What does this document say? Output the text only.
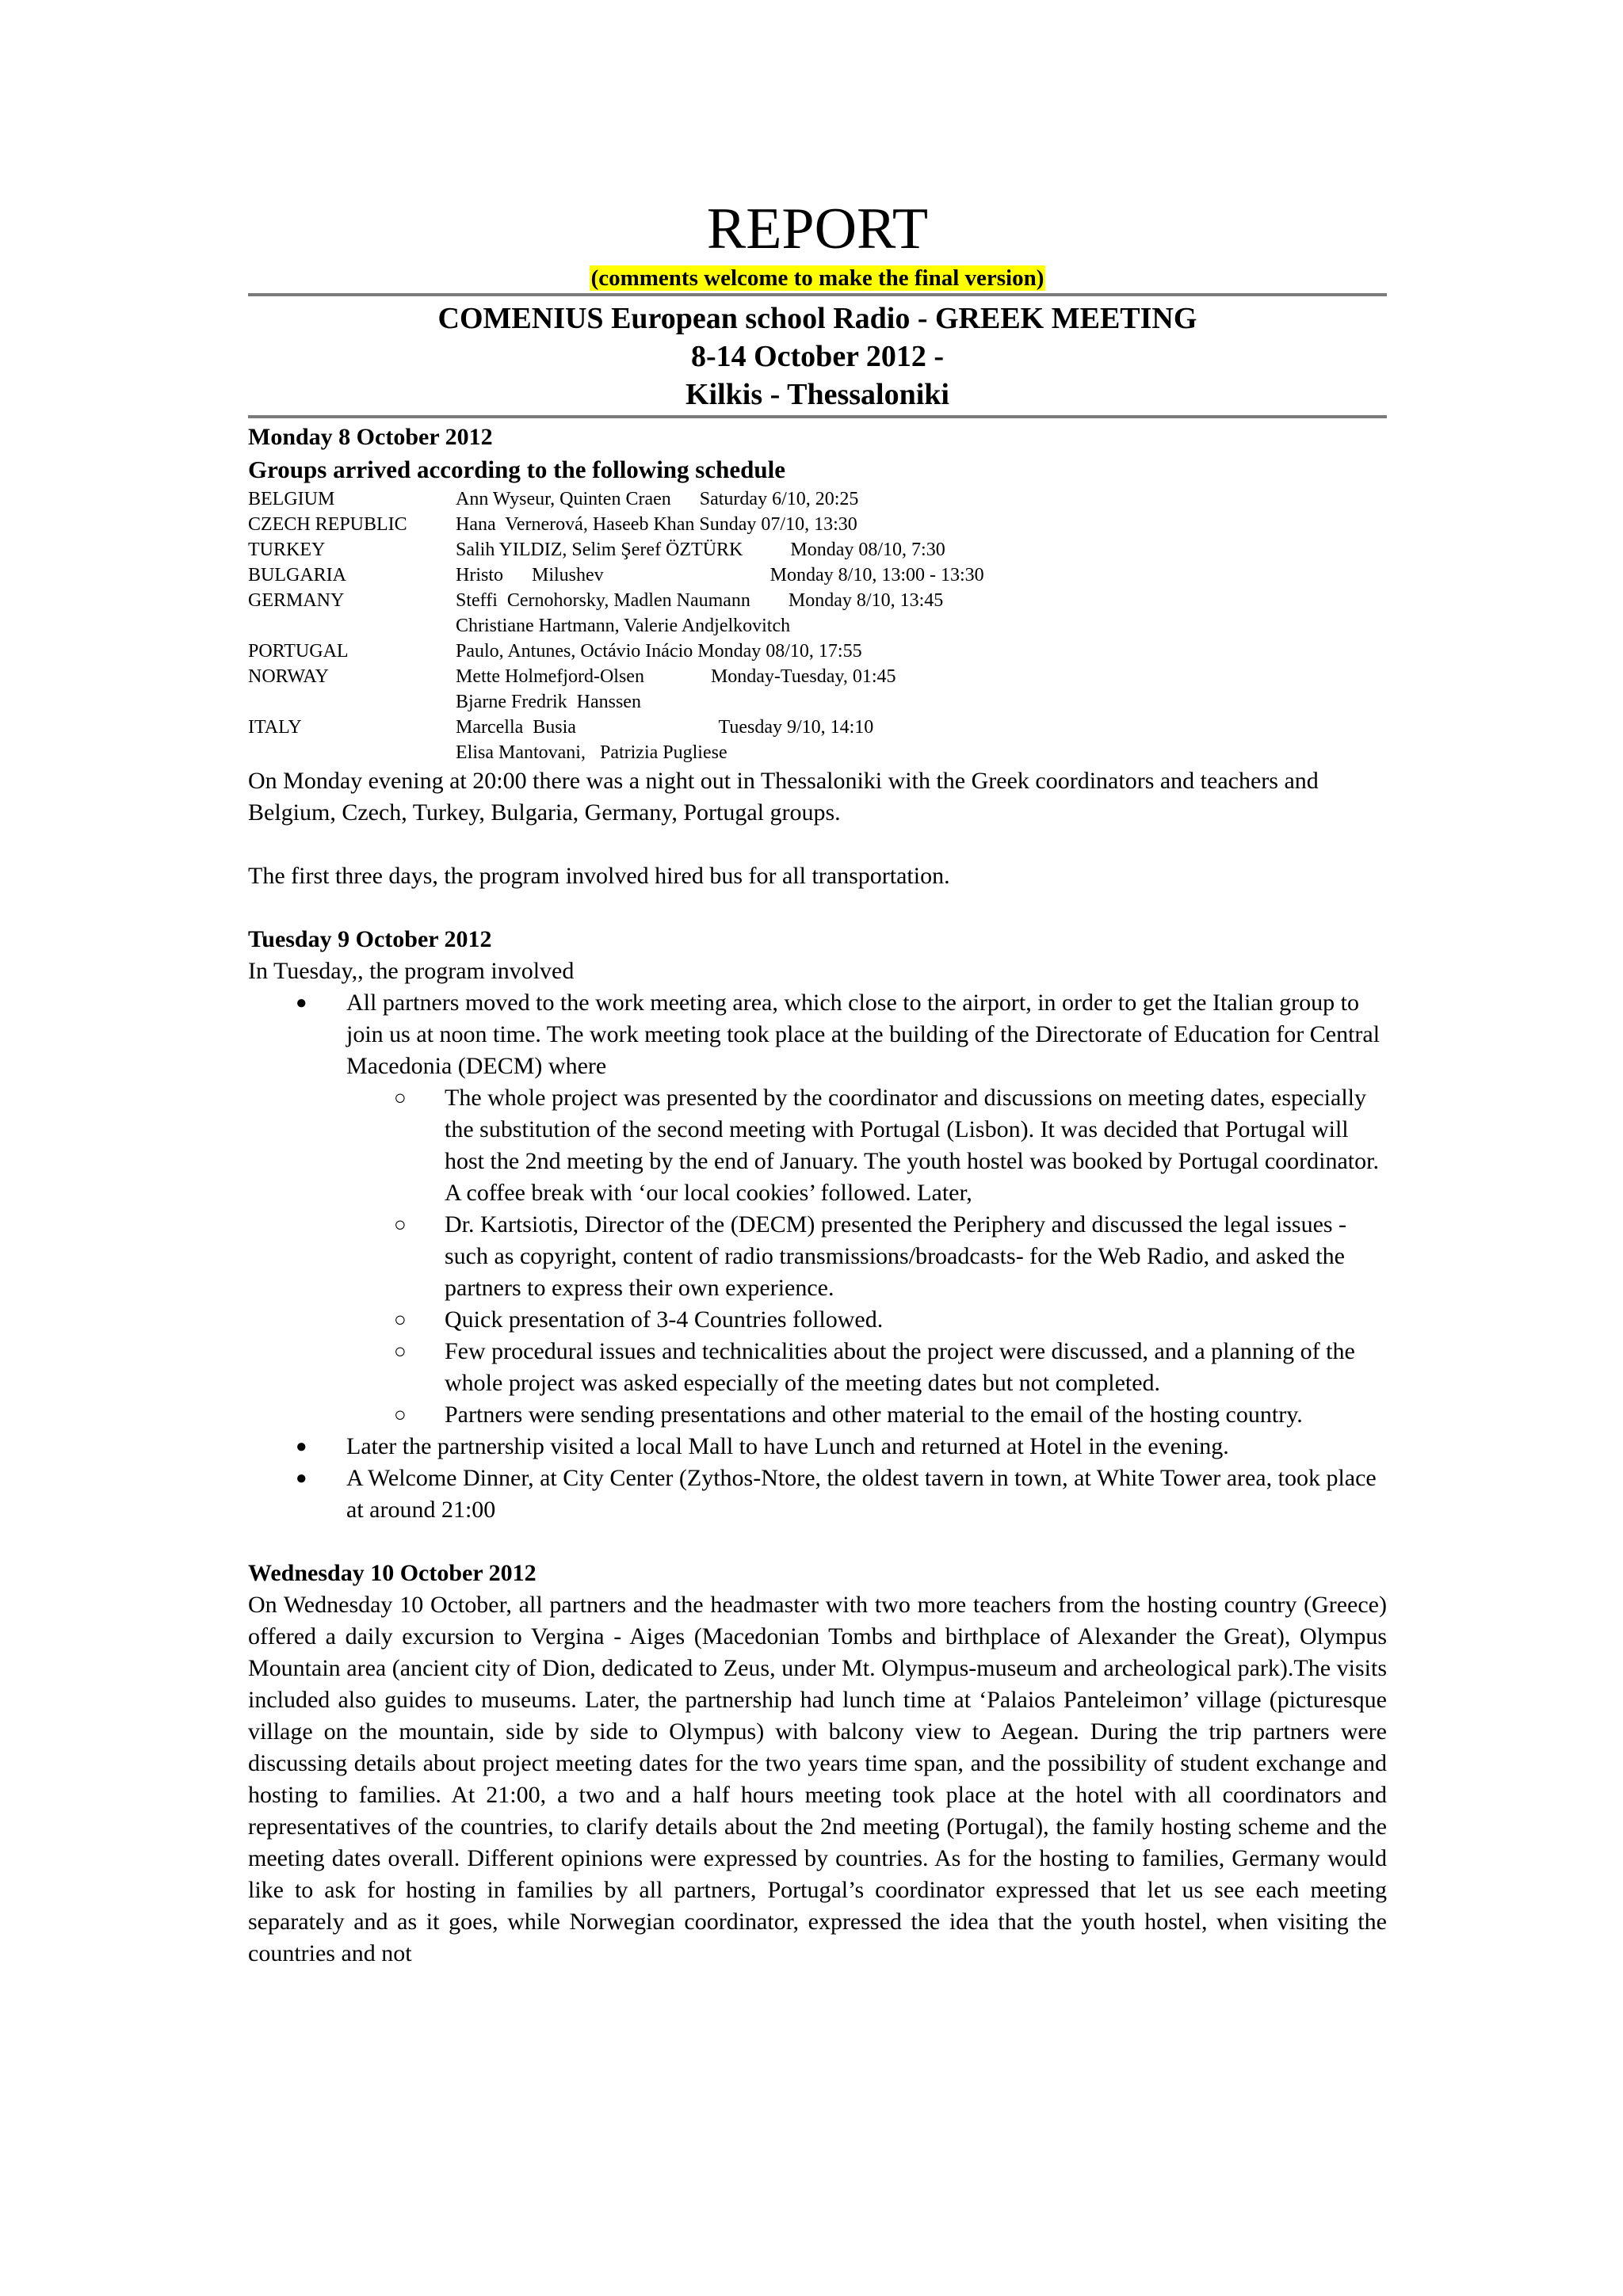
REPORT
(comments welcome to make the final version)

COMENIUS European school Radio - GREEK MEETING

8-14 October 2012 -

Kilkis - Thessaloniki

Monday 8 October 2012

Groups arrived according to the following schedule

BELGIUM	Ann Wyseur, Quinten Craen      Saturday 6/10, 20:25
CZECH REPUBLIC	Hana  Vernerová, Haseeb Khan Sunday 07/10, 13:30
TURKEY	Salih YILDIZ, Selim Şeref ÖZTÜRK          Monday 08/10, 7:30
BULGARIA	Hristo      Milushev                                   Monday 8/10, 13:00 - 13:30
GERMANY	Steffi  Cernohorsky, Madlen Naumann        Monday 8/10, 13:45
	Christiane Hartmann, Valerie Andjelkovitch
PORTUGAL	Paulo, Antunes, Octávio Inácio Monday 08/10, 17:55
NORWAY	Mette Holmefjord-Olsen              Monday-Tuesday, 01:45
	Bjarne Fredrik  Hanssen
ITALY	Marcella  Busia                              Tuesday 9/10, 14:10
	Elisa Mantovani,   Patrizia Pugliese

On Monday evening at 20:00 there was a night out in Thessaloniki with the Greek coordinators and teachers and Belgium, Czech, Turkey, Bulgaria, Germany, Portugal groups.

The first three days, the program involved hired bus for all transportation.

Tuesday 9 October 2012

In Tuesday,, the program involved

● All partners moved to the work meeting area, which close to the airport, in order to get the Italian group to join us at noon time. The work meeting took place at the building of the Directorate of Education for Central Macedonia (DECM) where
○ The whole project was presented by the coordinator and discussions on meeting dates, especially the substitution of the second meeting with Portugal (Lisbon). It was decided that Portugal will host the 2nd meeting by the end of January. The youth hostel was booked by Portugal coordinator. A coffee break with ‘our local cookies’ followed. Later,
○ Dr. Kartsiotis, Director of the (DECM) presented the Periphery and discussed the legal issues -such as copyright, content of radio transmissions/broadcasts- for the Web Radio, and asked the partners to express their own experience.
○ Quick presentation of 3-4 Countries followed.
○ Few procedural issues and technicalities about the project were discussed, and a planning of the whole project was asked especially of the meeting dates but not completed.
○ Partners were sending presentations and other material to the email of the hosting country.
● Later the partnership visited a local Mall to have Lunch and returned at Hotel in the evening.
● A Welcome Dinner, at City Center (Zythos-Ntore, the oldest tavern in town, at White Tower area, took place at around 21:00

Wednesday 10 October 2012

On Wednesday 10 October, all partners and the headmaster with two more teachers from the hosting country (Greece) offered a daily excursion to Vergina - Aiges (Macedonian Tombs and birthplace of Alexander the Great), Olympus Mountain area (ancient city of Dion, dedicated to Zeus, under Mt. Olympus-museum and archeological park).The visits included also guides to museums. Later, the partnership had lunch time at ‘Palaios Panteleimon’ village (picturesque village on the mountain, side by side to Olympus) with balcony view to Aegean. During the trip partners were discussing details about project meeting dates for the two years time span, and the possibility of student exchange and hosting to families. At 21:00, a two and a half hours meeting took place at the hotel with all coordinators and representatives of the countries, to clarify details about the 2nd meeting (Portugal), the family hosting scheme and the meeting dates overall. Different opinions were expressed by countries. As for the hosting to families, Germany would like to ask for hosting in families by all partners, Portugal’s coordinator expressed that let us see each meeting separately and as it goes, while Norwegian coordinator, expressed the idea that the youth hostel, when visiting the countries and not
